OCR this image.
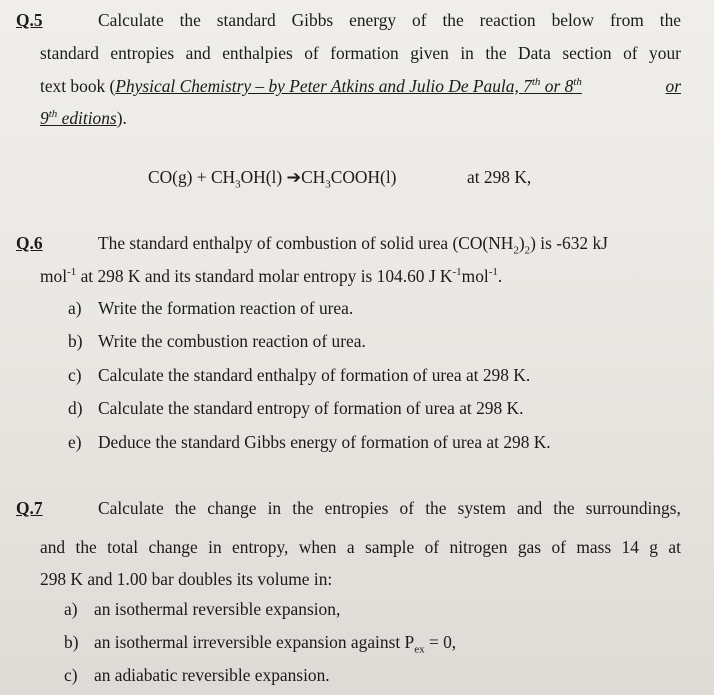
Q.5	Calculate the standard Gibbs energy of the reaction below from the
standard entropies and enthalpies of formation given in the Data section of your
text book (Physical Chemistry – by Peter Atkins and Julio De Paula, 7th or 8th	or
9th editions).
$CO(g) + CH_3OH(l)$ $➔CH_3COOH(l)$	at 298 K,
Q.6	The standard enthalpy of combustion of solid urea $(CO(NH_2)_2)$ is -632 kJ
mol$^{-1}$ at 298 K and its standard molar entropy is 104.60 J $K^{-1}mol^{-1}$.
a) Write the formation reaction of urea.
b) Write the combustion reaction of urea.
c) Calculate the standard enthalpy of formation of urea at 298 K.
d) Calculate the standard entropy of formation of urea at 298 K.
e) Deduce the standard Gibbs energy of formation of urea at 298 K.
Q.7	Calculate the change in the entropies of the system and the surroundings,
and the total change in entropy, when a sample of nitrogen gas of mass 14 g at
298 K and 1.00 bar doubles its volume in:
a) an isothermal reversible expansion,
b) an isothermal irreversible expansion against $P_{ex} = 0$,
c) an adiabatic reversible expansion.
